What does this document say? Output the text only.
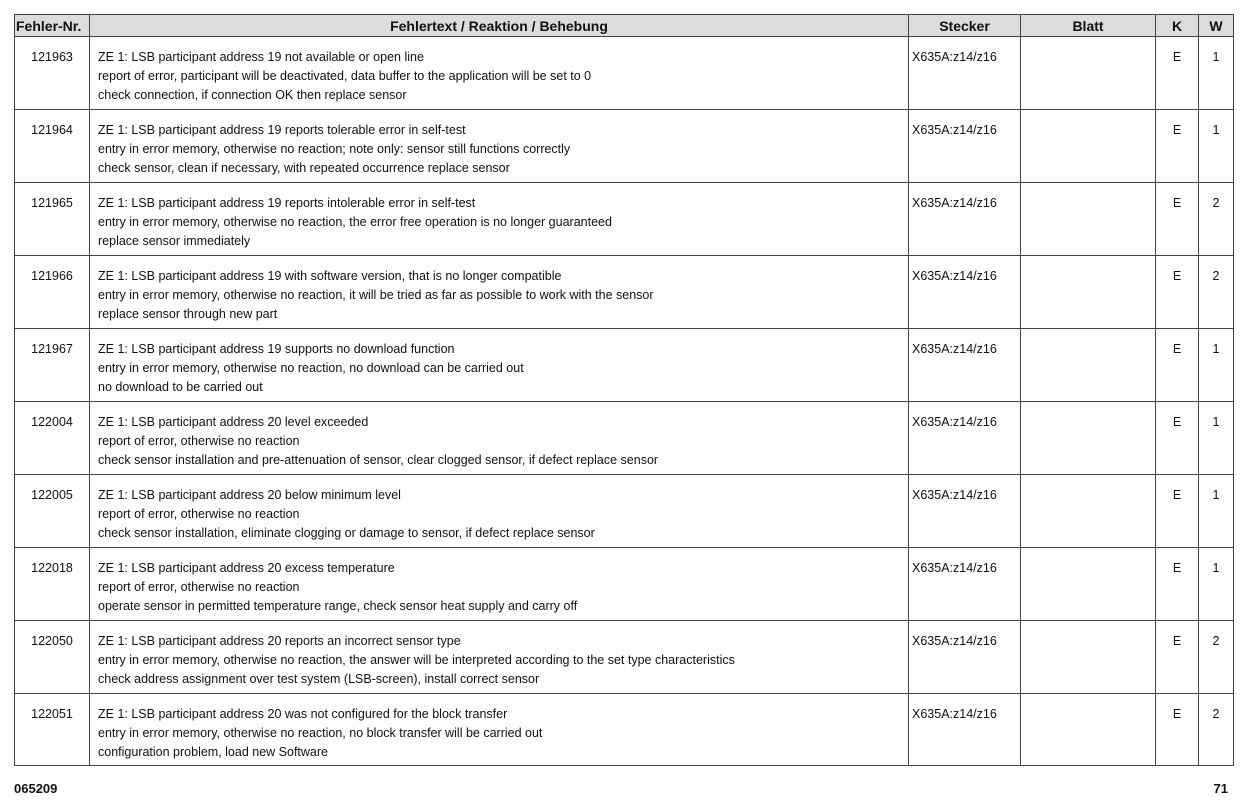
Fehler-Nr.	Fehlertext / Reaktion / Behebung	Stecker	Blatt	K	W
121963	ZE 1: LSB participant address 19 not available or open line
report of error, participant will be deactivated, data buffer to the application will be set to 0
check connection, if connection OK then replace sensor	X635A:z14/z16		E	1
121964	ZE 1: LSB participant address 19 reports tolerable error in self-test
entry in error memory, otherwise no reaction; note only: sensor still functions correctly
check sensor, clean if necessary, with repeated occurrence replace sensor	X635A:z14/z16		E	1
121965	ZE 1: LSB participant address 19 reports intolerable error in self-test
entry in error memory, otherwise no reaction, the error free operation is no longer guaranteed
replace sensor immediately	X635A:z14/z16		E	2
121966	ZE 1: LSB participant address 19 with software version, that is no longer compatible
entry in error memory, otherwise no reaction, it will be tried as far as possible to work with the sensor
replace sensor through new part	X635A:z14/z16		E	2
121967	ZE 1: LSB participant address 19 supports no download function
entry in error memory, otherwise no reaction, no download can be carried out
no download to be carried out	X635A:z14/z16		E	1
122004	ZE 1: LSB participant address 20 level exceeded
report of error, otherwise no reaction
check sensor installation and pre-attenuation of sensor, clear clogged sensor, if defect replace sensor	X635A:z14/z16		E	1
122005	ZE 1: LSB participant address 20 below minimum level
report of error, otherwise no reaction
check sensor installation, eliminate clogging or damage to sensor, if defect replace sensor	X635A:z14/z16		E	1
122018	ZE 1: LSB participant address 20 excess temperature
report of error, otherwise no reaction
operate sensor in permitted temperature range, check sensor heat supply and carry off	X635A:z14/z16		E	1
122050	ZE 1: LSB participant address 20 reports an incorrect sensor type
entry in error memory, otherwise no reaction, the answer will be interpreted according to the set type characteristics
check address assignment over test system (LSB-screen), install correct sensor	X635A:z14/z16		E	2
122051	ZE 1: LSB participant address 20 was not configured for the block transfer
entry in error memory, otherwise no reaction, no block transfer will be carried out
configuration problem, load new Software	X635A:z14/z16		E	2
065209	71
